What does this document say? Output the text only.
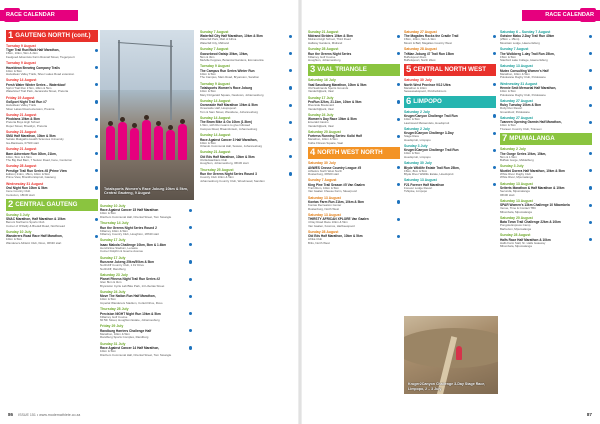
RACE CALENDAR
1 GAUTENG NORTH (cont.)
Tuesday 9 August
Tiger Trail Run/Walk Half Marathon,
15km, 10km, 5km & 2km
Feelgoed Adventure Farm Rosnail Street, Tiegerpoort
Tuesday 9 August
Hazeldean Brewing Company Trails
10km & 5km
Hazeldean Valley Trails, Silver Lakes Road extension
Sunday 14 August
Fresh Water Winter Series – Waterkloof
Sprint Trail Run 17km, 10km & 5km
Waterkloof Trail Park, Jacaranda Street, Pretoria
Friday 19 August
GoSport Night Trail Run #7
Hazeldean Valley Trails
Silver Lakes Road extension, Pretoria
Sunday 21 August
Phobians 10km & 5km
Pretoria Boys High School
Roper Street, Brooklyn, Pretoria
Sunday 21 August
SMU Half Marathon, 10km & 5km
Sefako Makgatho Health Sciences University
Ga-Rankuwa, 07h00 start
Sunday 21 August
Barn Adventure Run 30km, 21km,
10km, 5km & 2.5km
The Big Red Barn, 7 Nelson Road, Irene, Centurion
Sunday 28 August
Prestige Trail Run Series #8 (Prime View
Edition) 21km, 15km, 10km & 5km
Prime View, Bronkhorstspruit, Gauteng
Wednesday 31 August
Owl Night Run 10km & 5km
Irene Country Club
Centurion, 18h30 start
2 CENTRAL GAUTENG
Sunday 3 July
SNAC Marathon, Half Marathon & 10km
Benoni Northerns Sports Club
Corner of O'Reilly & Bredell Road, Northmead
Sunday 10 July
Wanderers Road Race Half Marathon,
10km & 5km
Wanderers Athletic Club, Illovo, 06h30 start
Totalsports Women's Race Joburg 10km & 5km, Central Gauteng, 9 August
Sunday 10 July
Race Against Cancer 15 Half Marathon
10km & 5km
Dischem Communal Hall, Oriental Street, Tom Stoangle
Thursday 14 July
Run the Greens Night Series Round 2
Killarney 10km & 5km
Killarney Country Club, Houghton, 18h30 start
Sunday 17 July
Isaac Makola Challenge 10km, 5km & 1.6km
Hendrickse Stadium, Lenasia
Corner Dolphin & Guerne Avenue
Sunday 17 July
Runzone Jukeng 25km/50km & 5km
Northcliff Country Club, 1 Fir Drive
Northcliff, Randburg
Saturday 23 July
Planet Fitness Night Trail Run Series #2
Glen 8km & 4km
Bryanston Cycle Lab Bike Park, 14 Libertas Street
Sunday 24 July
Move The Nation Run Half Marathon,
10km & 5km
Imperial Wanderers Stadium, Corlett Drive, Illovo
Thursday 28 July
Precision NIGHT Night Run 10km & 5km
Killarney Golf Course
60 5th Street, Houghton Estate, Johannesburg
Friday 29 July
Randburg Harriers Challenge Half
Marathon, 10km & 5km
Randburg Sports Complex, Randburg
Sunday 31 July
Race Against Cancer 14 Half Marathon,
10km & 5km
Dischem Communal Hall, Oriental Street, Tom Stoangle
Sunday 7 August
Waterfall City Half Marathon, 10km & 5km
Waterfall Park, Mall of Africa
Waterfall City, Midrand
Sunday 7 August
Goosebeod Gatsip 30km, 10km,
5km & 3km
Melville Koppies, Botanical Gardens, Emmarentia
Tuesday 9 August
The Campus Run Series Winter Run
10km & 5km
The Campus, Main Road, Bryanston, Sandton
Tuesday 9 August
Totalsports Women's Race Joburg
10km & 5km
Mary Fitzgerald Square, Newtown, Johannesburg
Sunday 14 August
Oceanside Half Marathon 10km & 5km
Oceanside Half, Hoopspoort
Tom & Sam Street, Westdene, Johannesburg
Sunday 14 August
The Bram Bike & Go 10km (1.5km)
1.5km, with Run teams to give followed
Campus Road, Braamfontein, Johannesburg
Sunday 14 August
Race Against Cancer 3 Half Marathon,
10km & 5km
Orlando Communal Hall, Soweto, Johannesburg
Sunday 21 August
Old Eds Half Marathon, 10km & 5km
Old Edwardians Club
Houghton, Johannesburg, 06h30 start
Thursday 25 August
Run the Greens Night Series Round 3
Country Club 10km & 5km
Johannesburg Country Club, Woodmead, Sandton
86 ISSUE 151 • www.modernathlete.co.za
RACE CALENDAR
Sunday 21 August
Midrand Striders 10km & 5km
Midrand High School, Third Road
Halfway Gardens, Midrand
Sunday 28 August
Run the Greens Night Series
Killarney Golf Course
Houghton, Johannesburg
3 VAAL TRIANGLE
Saturday 16 July
Vaal Sasolburg Marathon, 10km & 5km
Old Sasbrands Sports Grounds
Vanderbijlpark, Vaal
Sunday 17 July
ProRun 32km, 21.1km, 10km & 5km
Riverside Boulevard
Vanderbijlpark, Vaal
Sunday 24 July
Women's Day Race 10km & 5km
Emerald Casino
Vanderbijlpark, Vaal
Saturday 20 August
Fortress Running Series: Kolbi Half
Marathon, 10km & 5km
Kolbe Fitness Square, Vaal
4 NORTH WEST NORTH
Saturday 30 July
ANWES Crosse Country League #5
Athletics North West North
Rustenburg, 08h00 start
Sunday 7 August
King Pine Trail Season #5 Van Gaalen
Trail 21km, 10km & 5km
Van Gaalen Cheese Farm, Skeerpoort
Saturday 13 August
Kontas Farm Run 21km, 10km & 5km
Kontas Recreation Center
Rustenburg, North West
Saturday 13 August
THIRSTY AFRICAN XPLORE Van Gaalen
4 Day Road Race 10km & 5km
Van Gaalen, Kosmos, Hartbeespoort
Sunday 28 August
Old Eds Half Marathon, 10km & 5km
Afrika Club
Brits, North West
Saturday 27 August
The Magalies Rocks the Cradle Trail
15km, 10km, 5km & 3km
Mount & Ball, Magalies Country West
Saturday 28 August
TriMan Joburg 47 Trail Run 15km
Buffelspoort Dam
Buffelspoort, North West
5 CENTRAL NORTH WEST
Saturday 30 July
North West Province 9/12 Ultra
Marathon & 10km
Seweweekspoort, Potchefstroom
6 LIMPOPO
Saturday 2 July
Kruger/Canyon Challenge Trail Run
10km & 5km
Lawnwood Metsendelo, Hoedspruit
Saturday 2 July
Kruger2Canyon Challenge 3-Day
Stage Race
Hoedspruit, Limpopo
Sunday 3 July
Kruger2Canyon Challenge Trail Run
10km & 5km
Hoedspruit, Limpopo
Saturday 30 July
Blyde Wildlife Estate Trail Run 25km,
15km, 8km & 5km
Blyde River Wildlife Estate, Hoedspruit
Saturday 13 August
F21 Forever Half Marathon
Forever Lodge Resort
Tshipise, Limpopo
Kruger2Canyon Challenge 3-Day Stage Race, Limpopo, 2 – 3 July
Saturday 6 – Sunday 7 August
Gotsine Mabu 2-Day Trail Run 40km
(25km + 15km)
Mountain Lodge, Haenertsburg
Sunday 7 August
The Wolkberg 1-day Trail Run 25km,
15km & 5km
Stanford Lake College, Haenertsburg
Saturday 13 August
Mutex Consulting Women's Half
Marathon, 10km & 5km
Polokwane Rugby Club, Polokwane
Wednesday 31 August
Hennie Smit Memorial Half Marathon,
10km & 5km
Polokwane Rugby Club, Polokwane
Saturday 27 August
Ruby Tuesday 10km & 5km
Ruby Run Resort
Groenkloof, Polokwane
Saturday 27 August
Tzaneen Opening Garmin Half Marathon,
10km & 5km
Tzaneen Country Club, Tzaneen
7 MPUMALANGA
Saturday 2 July
The Gorge Series 10km, 15km,
5km & 1.5km
Buffalo Gorge, Middelburg
Sunday 3 July
Nkwlini Dorera Half Marathon, 10km & 5km
White River Rugby Club
White River, Mpumalanga
Saturday 13 August
Seiterts Marathon & Half Marathon & 10km
Secunda, Mpumalanga
06h00 start
Saturday 13 August
SPAR Women's 13km Challenge 10 Mbombela
Venue, Time & Contact TBC
Mbombela, Mpumalanga
Saturday 20 August
Bata Town Trail Challenge 22km & 10km
Pongola Express Camp
Barberton, Mpumalanga
Sunday 28 August
Halfs Race Half Marathon & 10km
Halfs Farm Stall, Nr. Halls Gateway
Mbombela, Mpumalanga
87
